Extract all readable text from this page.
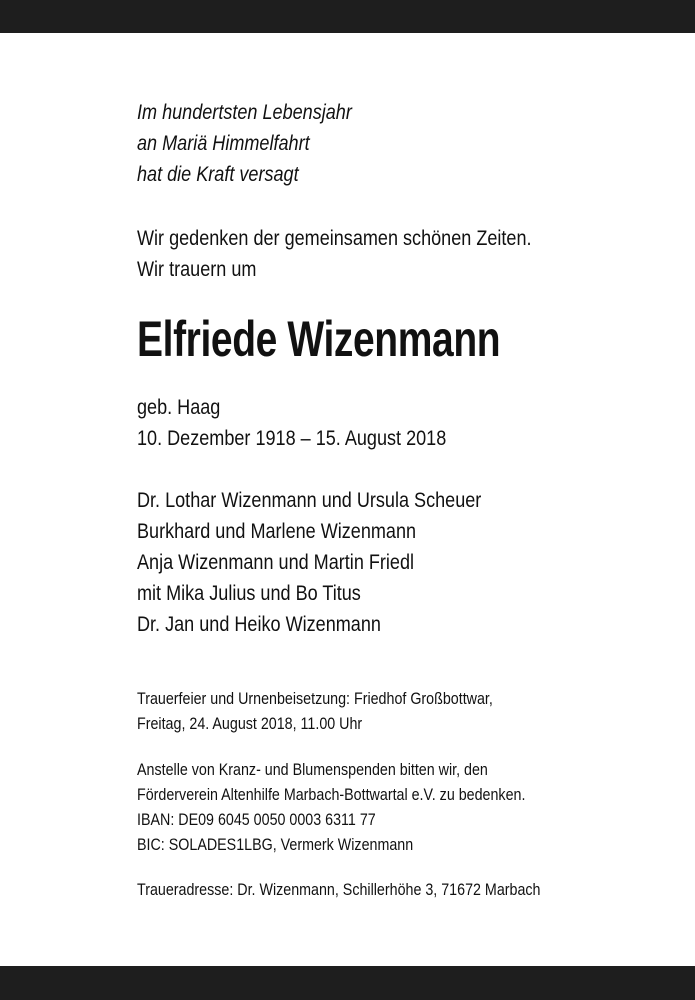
Im hundertsten Lebensjahr
an Mariä Himmelfahrt
hat die Kraft versagt
Wir gedenken der gemeinsamen schönen Zeiten.
Wir trauern um
Elfriede Wizenmann
geb. Haag
10. Dezember 1918 – 15. August 2018
Dr. Lothar Wizenmann und Ursula Scheuer
Burkhard und Marlene Wizenmann
Anja Wizenmann und Martin Friedl
mit Mika Julius und Bo Titus
Dr. Jan und Heiko Wizenmann
Trauerfeier und Urnenbeisetzung: Friedhof Großbottwar,
Freitag, 24. August 2018, 11.00 Uhr
Anstelle von Kranz- und Blumenspenden bitten wir, den
Förderverein Altenhilfe Marbach-Bottwartal e.V. zu bedenken.
IBAN: DE09 6045 0050 0003 6311 77
BIC: SOLADES1LBG, Vermerk Wizenmann
Traueradresse: Dr. Wizenmann, Schillerhöhe 3, 71672 Marbach
